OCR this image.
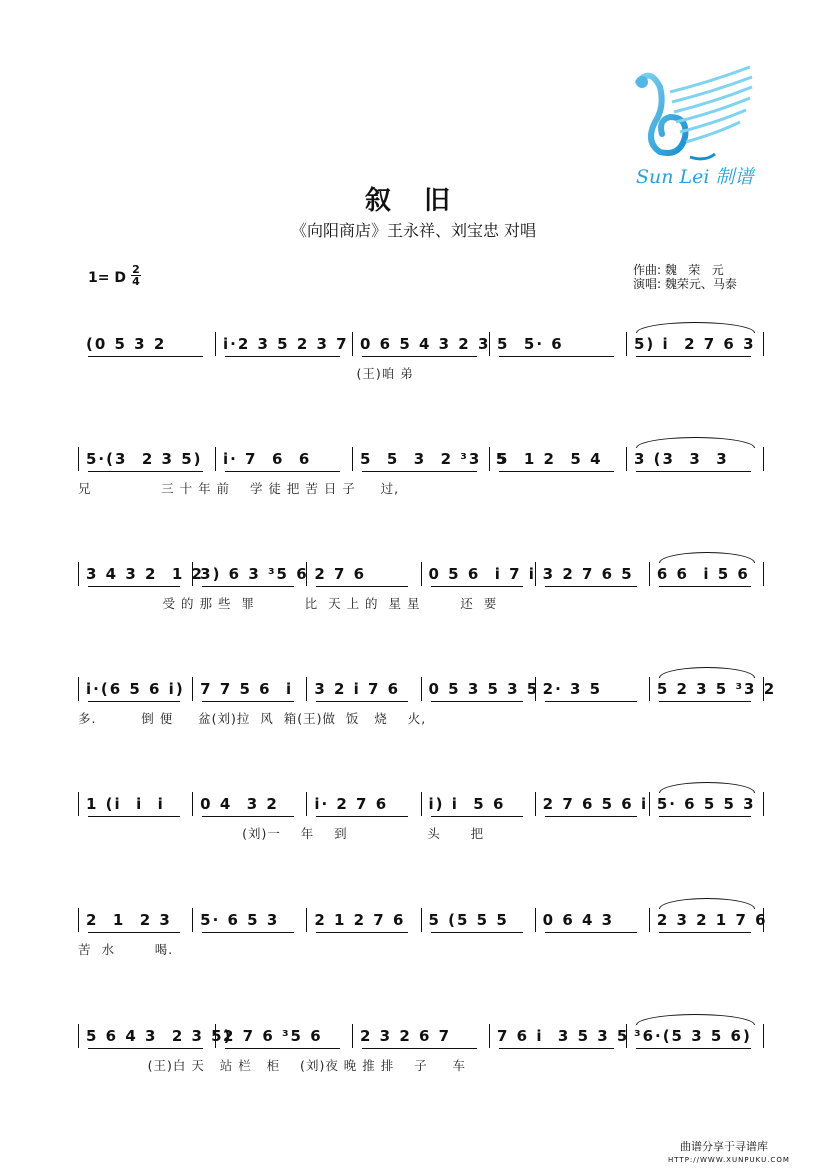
Sun Lei 制谱
叙 旧
《向阳商店》王永祥、刘宝忠 对唱
1= D
2
4
作曲: 魏   荣   元
演唱: 魏荣元、马泰
(0 5 3 2	i·2 3 5 2 3 7 0 6 5 4 3 2 3 5  5· 6	5) i  2 7 6 3
(王)咱 弟
5·(3  2 3 5)	i· 7  6  6	5  5  3  2 ³3  5
5  1 2  5 4	3 (3  3  3
兄              三 十 年 前    学 徒 把 苦 日 子     过,
3 4 3 2  1 2
3) 6 3 ³5 6 2 7 6	0 5 6  i 7 i 3 2 7 6 5	6 6  i 5 6
受 的 那 些  罪          比  天 上 的  星 星        还  要
i·(6 5 6 i) 7 7 5 6  i	3 2 i 7 6	0 5 3 5 3 5 2· 3 5	5 2 3 5 ³3 2
多.         倒 便     盆(刘)拉  风  箱(王)做  饭   烧    火,
1 (i  i  i	0 4  3 2	i· 2 7 6	i) i  5 6	2 7 6 5 6 i 5· 6 5 5 3
(刘)一    年    到                头      把
2  1  2 3	5· 6 5 3	2 1 2 7 6	5 (5 5 5	0 6 4 3	2 3 2 1 7 6
苦  水        喝.
5 6 4 3  2 3 5)
2 7 6 ³5 6	2 3 2 6 7	7 6 i  3 5 3 5 ³6·(5 3 5 6)
(王)白 天   站 栏   柜    (刘)夜 晚 推 排    子     车
曲谱分享于寻谱库
HTTP://WWW.XUNPUKU.COM
